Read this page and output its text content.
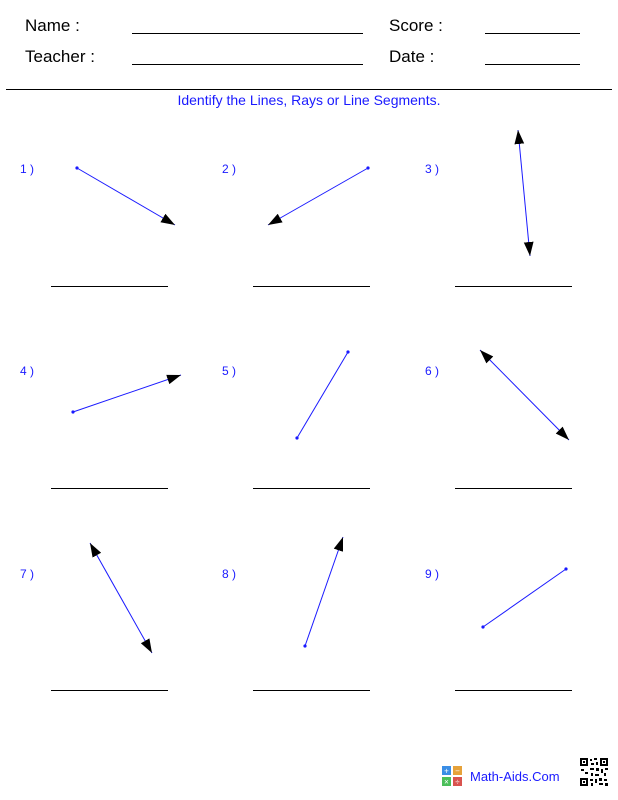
Name :	Score :
Teacher :	Date :
Identify the Lines, Rays or Line Segments.
1 )	2 )	3 )
4 )	5 )	6 )
7 )	8 )	9 )
+ −
× ÷ Math-Aids.Com
